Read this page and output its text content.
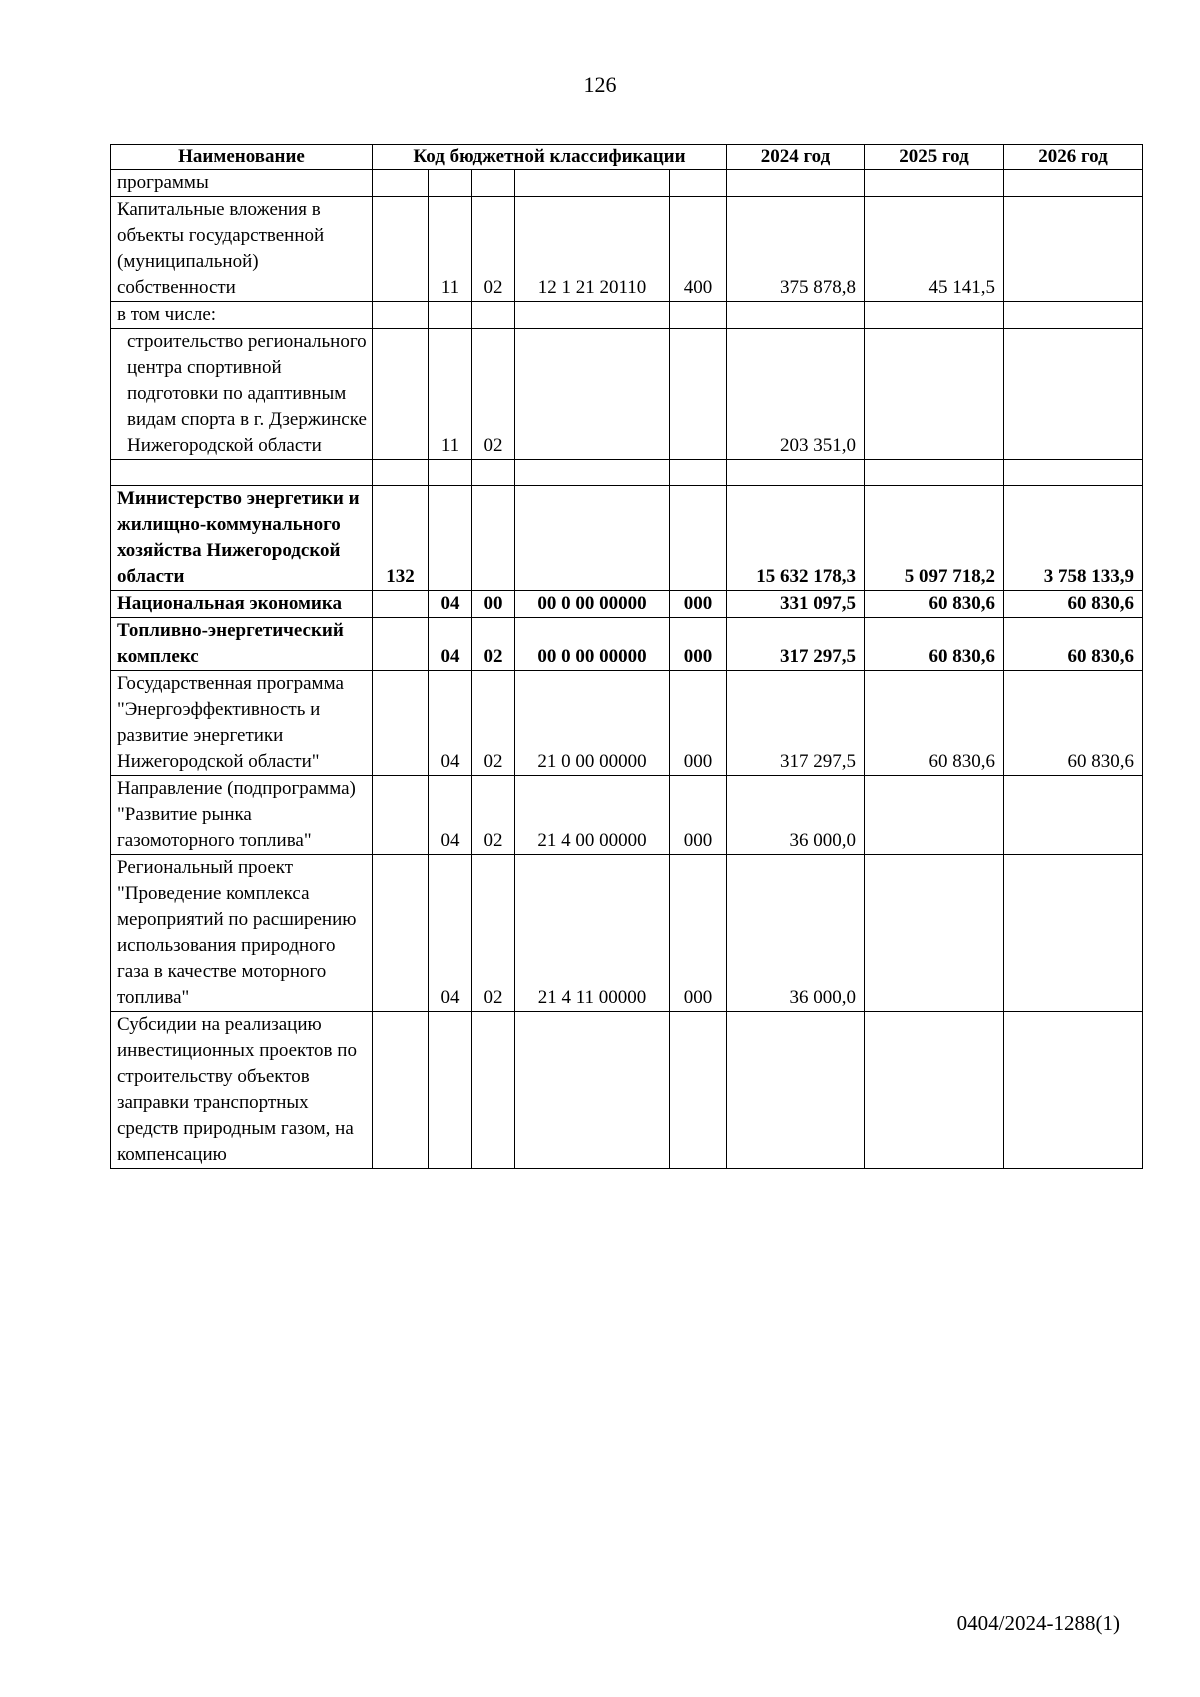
126
Наименование	Код бюджетной классификации					2024 год	2025 год	2026 год
программы								
Капитальные вложения в объекты государственной (муниципальной) собственности		11	02	12 1 21 20110	400	375 878,8	45 141,5	
в том числе:								
строительство регионального центра спортивной подготовки по адаптивным видам спорта в г. Дзержинске Нижегородской области		11	02			203 351,0		

Министерство энергетики и жилищно-коммунального хозяйства Нижегородской области	132					15 632 178,3	5 097 718,2	3 758 133,9
Национальная экономика		04	00	00 0 00 00000	000	331 097,5	60 830,6	60 830,6
Топливно-энергетический комплекс		04	02	00 0 00 00000	000	317 297,5	60 830,6	60 830,6
Государственная программа "Энергоэффективность и развитие энергетики Нижегородской области"		04	02	21 0 00 00000	000	317 297,5	60 830,6	60 830,6
Направление (подпрограмма) "Развитие рынка газомоторного топлива"		04	02	21 4 00 00000	000	36 000,0		
Региональный проект "Проведение комплекса мероприятий по расширению использования природного газа в качестве моторного топлива"		04	02	21 4 11 00000	000	36 000,0		
Субсидии на реализацию инвестиционных проектов по строительству объектов заправки транспортных средств природным газом, на компенсацию								
0404/2024-1288(1)
